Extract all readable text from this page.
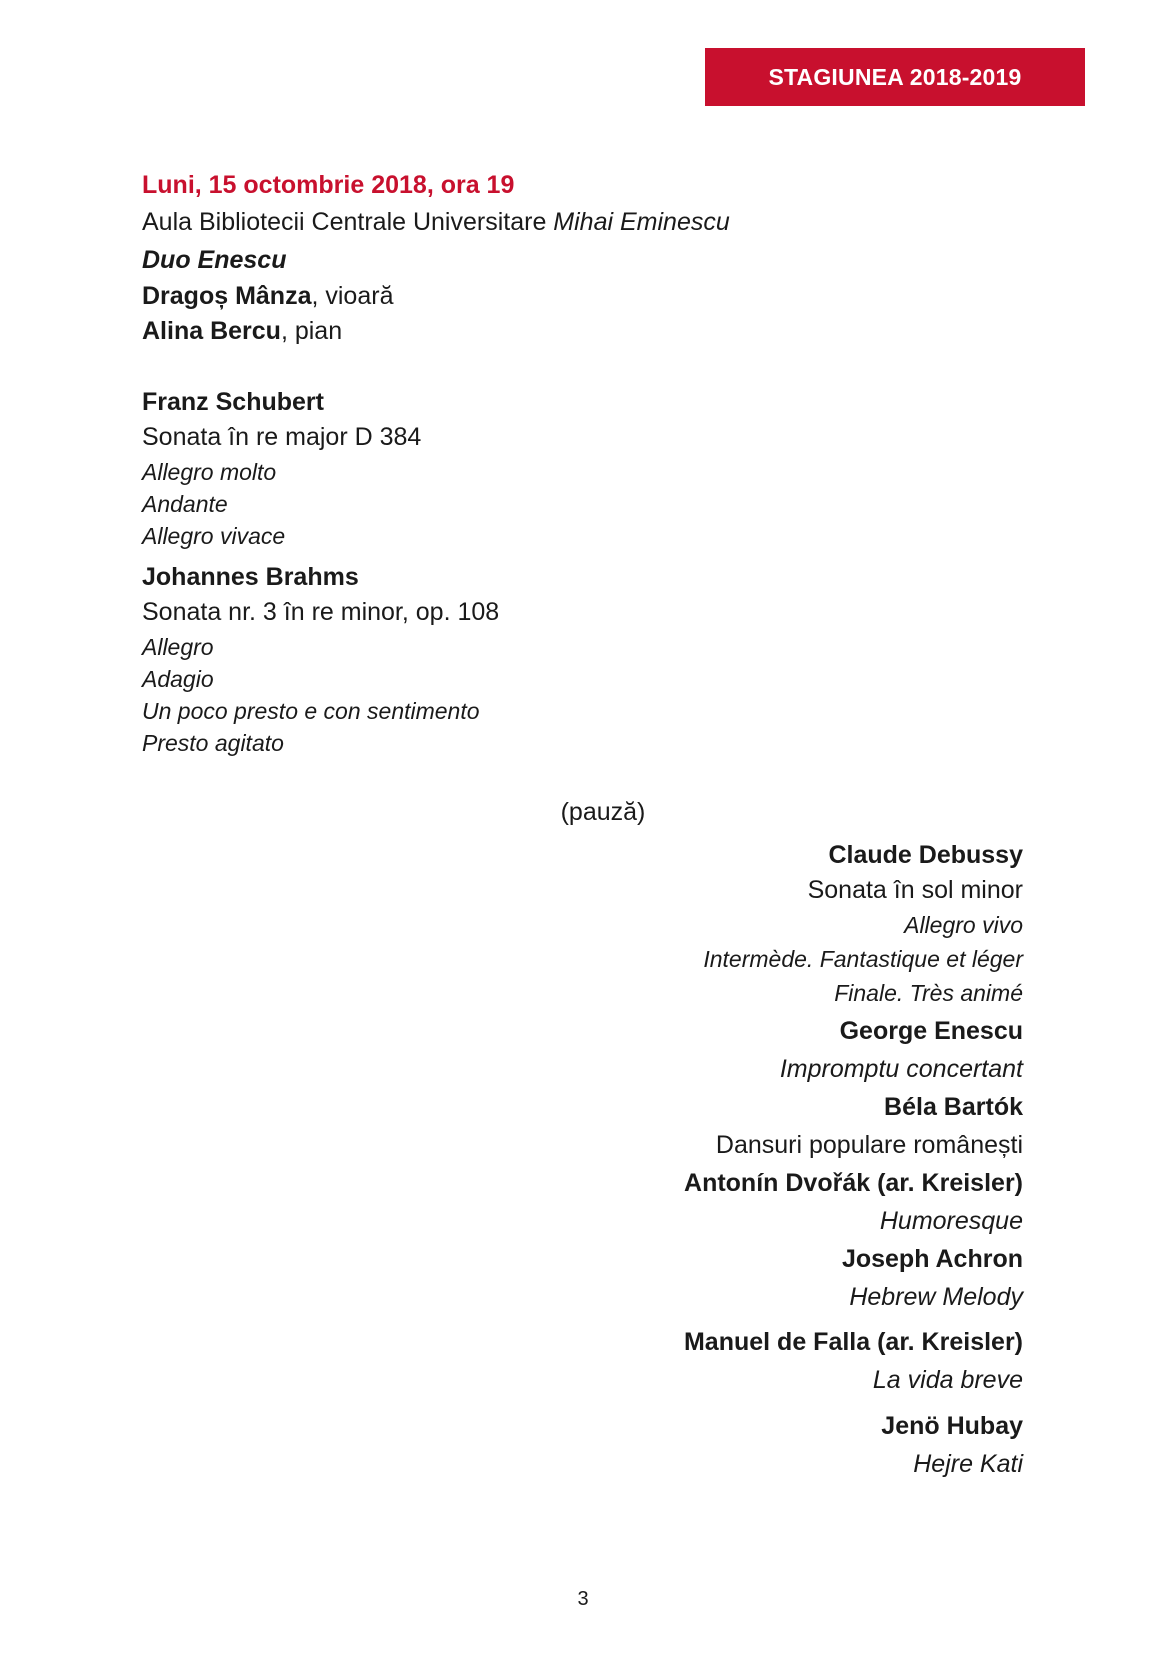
STAGIUNEA 2018-2019
Luni, 15 octombrie 2018, ora 19
Aula Bibliotecii Centrale Universitare Mihai Eminescu
Duo Enescu
Dragoș Mânza, vioară
Alina Bercu, pian
Franz Schubert
Sonata în re major D 384
Allegro molto
Andante
Allegro vivace
Johannes Brahms
Sonata nr. 3 în re minor, op. 108
Allegro
Adagio
Un poco presto e con sentimento
Presto agitato
(pauză)
Claude Debussy
Sonata în sol minor
Allegro vivo
Intermède. Fantastique et léger
Finale. Très animé
George Enescu
Impromptu concertant
Béla Bartók
Dansuri populare românești
Antonín Dvořák (ar. Kreisler)
Humoresque
Joseph Achron
Hebrew Melody
Manuel de Falla (ar. Kreisler)
La vida breve
Jenö Hubay
Hejre Kati
3
